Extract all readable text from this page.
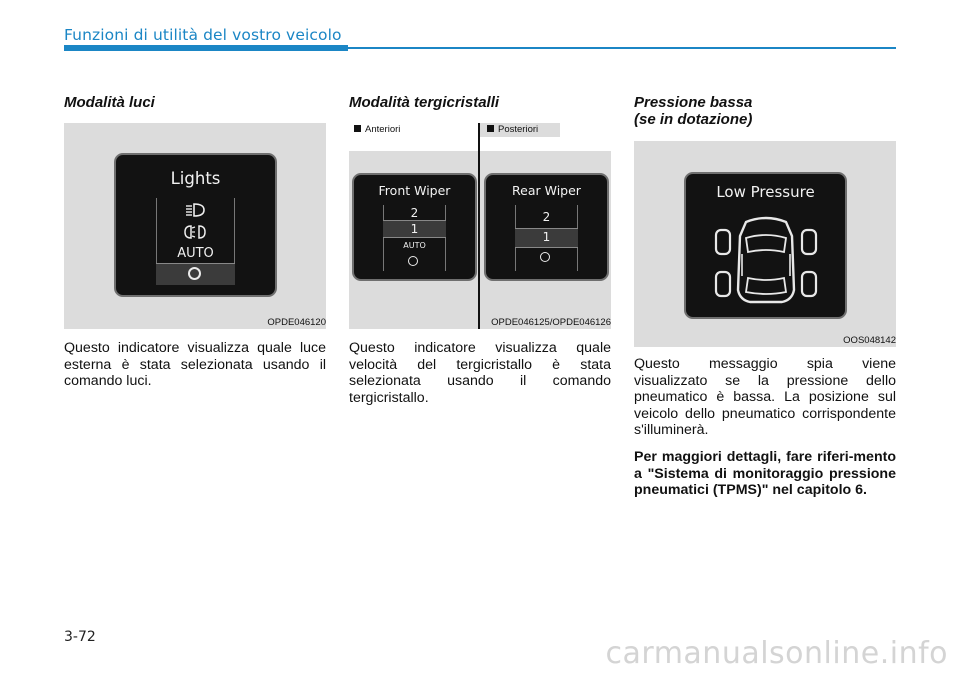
Funzioni di utilità del vostro veicolo
Modalità luci
Lights
AUTO
OPDE046120
Questo indicatore visualizza quale luce esterna è stata selezionata usando il comando luci.
Modalità tergicristalli
Anteriori	Posteriori
Front Wiper
2
1
AUTO
Rear Wiper
2
1
OPDE046125/OPDE046126
Questo indicatore visualizza quale velocità del tergicristallo è stata selezionata usando il comando tergicristallo.
Pressione bassa
(se in dotazione)
Low Pressure
OOS048142
Questo messaggio spia viene visualizzato se la pressione dello pneumatico è bassa. La posizione sul veicolo dello pneumatico corrispondente s'illuminerà.
Per maggiori dettagli, fare riferi-mento a "Sistema di monitoraggio pressione pneumatici (TPMS)" nel capitolo 6.
3-72	carmanualsonline.info
